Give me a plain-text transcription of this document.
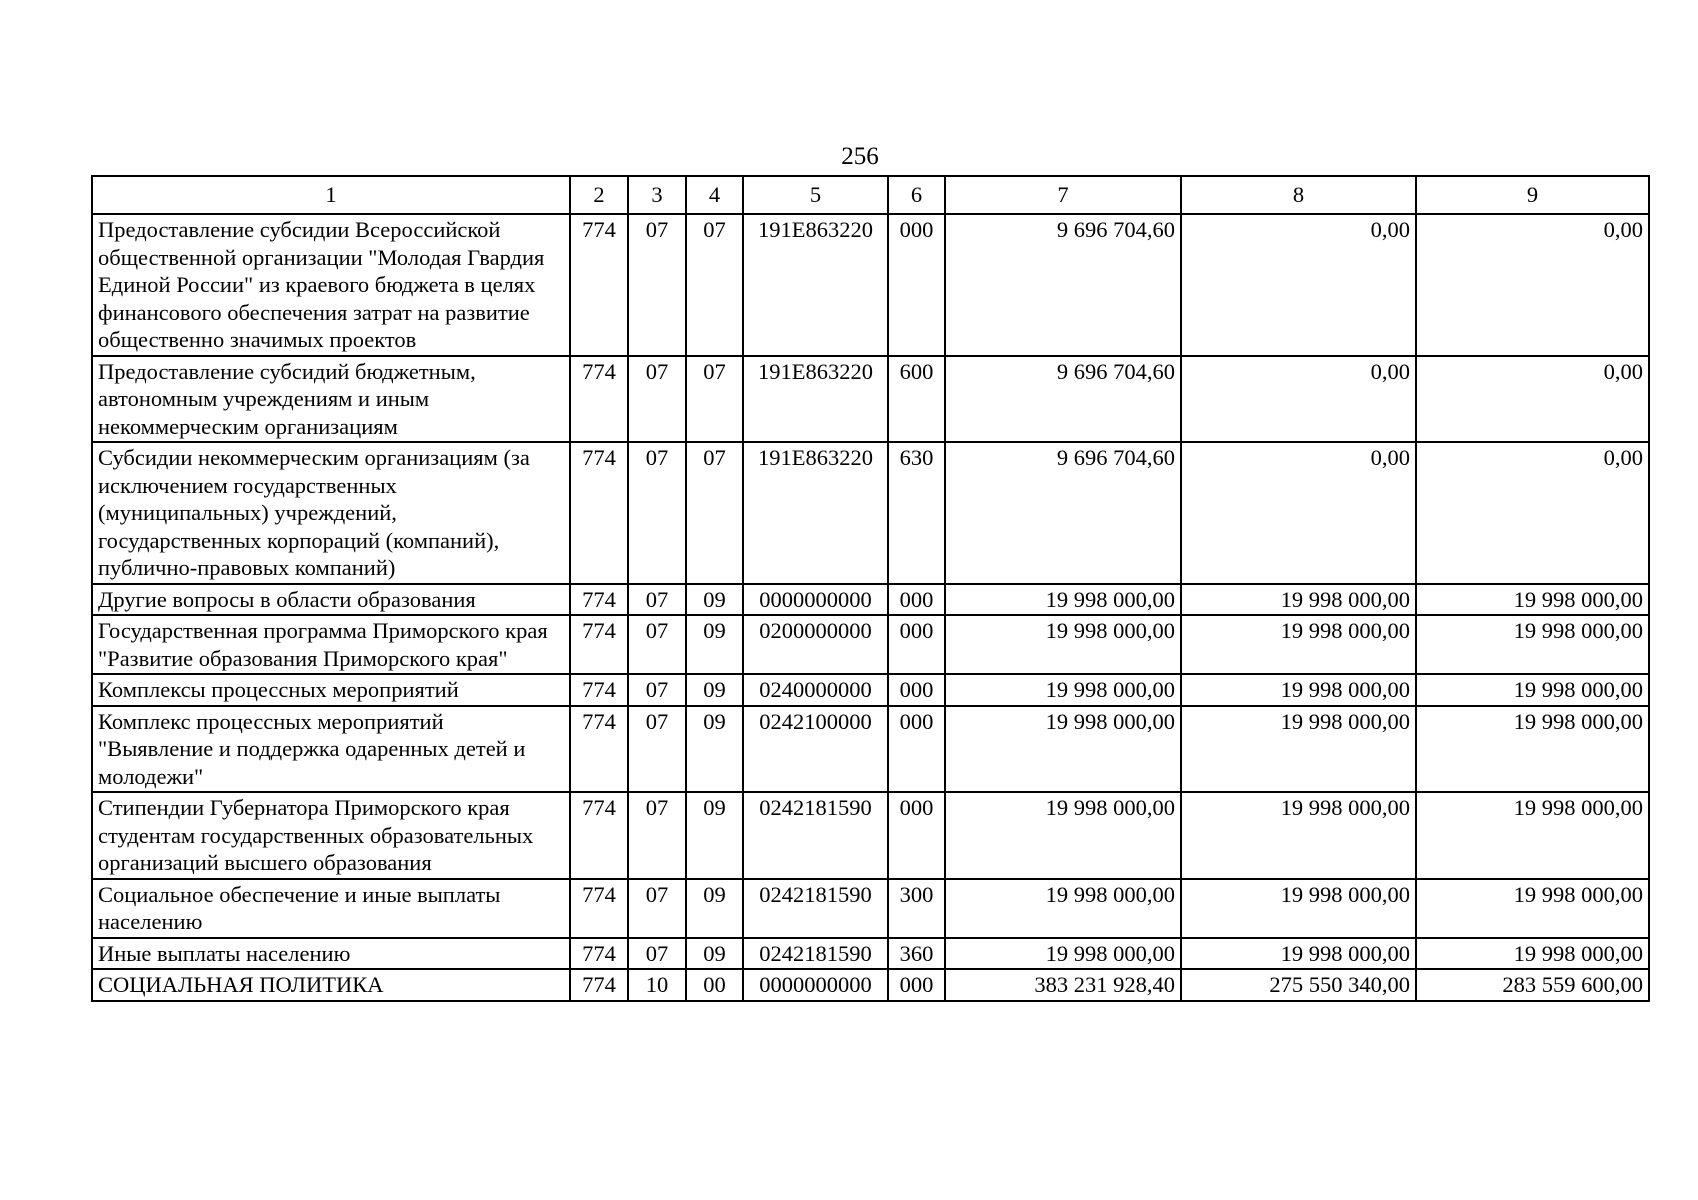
256
1	2	3	4	5	6	7	8	9
Предоставление субсидии Всероссийской общественной организации "Молодая Гвардия Единой России" из краевого бюджета в целях финансового обеспечения затрат на развитие общественно значимых проектов	774	07	07	191E863220	000	9 696 704,60	0,00	0,00
Предоставление субсидий бюджетным, автономным учреждениям и иным некоммерческим организациям	774	07	07	191E863220	600	9 696 704,60	0,00	0,00
Субсидии некоммерческим организациям (за исключением государственных (муниципальных) учреждений, государственных корпораций (компаний), публично-правовых компаний)	774	07	07	191E863220	630	9 696 704,60	0,00	0,00
Другие вопросы в области образования	774	07	09	0000000000	000	19 998 000,00	19 998 000,00	19 998 000,00
Государственная программа Приморского края "Развитие образования Приморского края"	774	07	09	0200000000	000	19 998 000,00	19 998 000,00	19 998 000,00
Комплексы процессных мероприятий	774	07	09	0240000000	000	19 998 000,00	19 998 000,00	19 998 000,00
Комплекс процессных мероприятий "Выявление и поддержка одаренных детей и молодежи"	774	07	09	0242100000	000	19 998 000,00	19 998 000,00	19 998 000,00
Стипендии Губернатора Приморского края студентам государственных образовательных организаций высшего образования	774	07	09	0242181590	000	19 998 000,00	19 998 000,00	19 998 000,00
Социальное обеспечение и иные выплаты населению	774	07	09	0242181590	300	19 998 000,00	19 998 000,00	19 998 000,00
Иные выплаты населению	774	07	09	0242181590	360	19 998 000,00	19 998 000,00	19 998 000,00
СОЦИАЛЬНАЯ ПОЛИТИКА	774	10	00	0000000000	000	383 231 928,40	275 550 340,00	283 559 600,00
